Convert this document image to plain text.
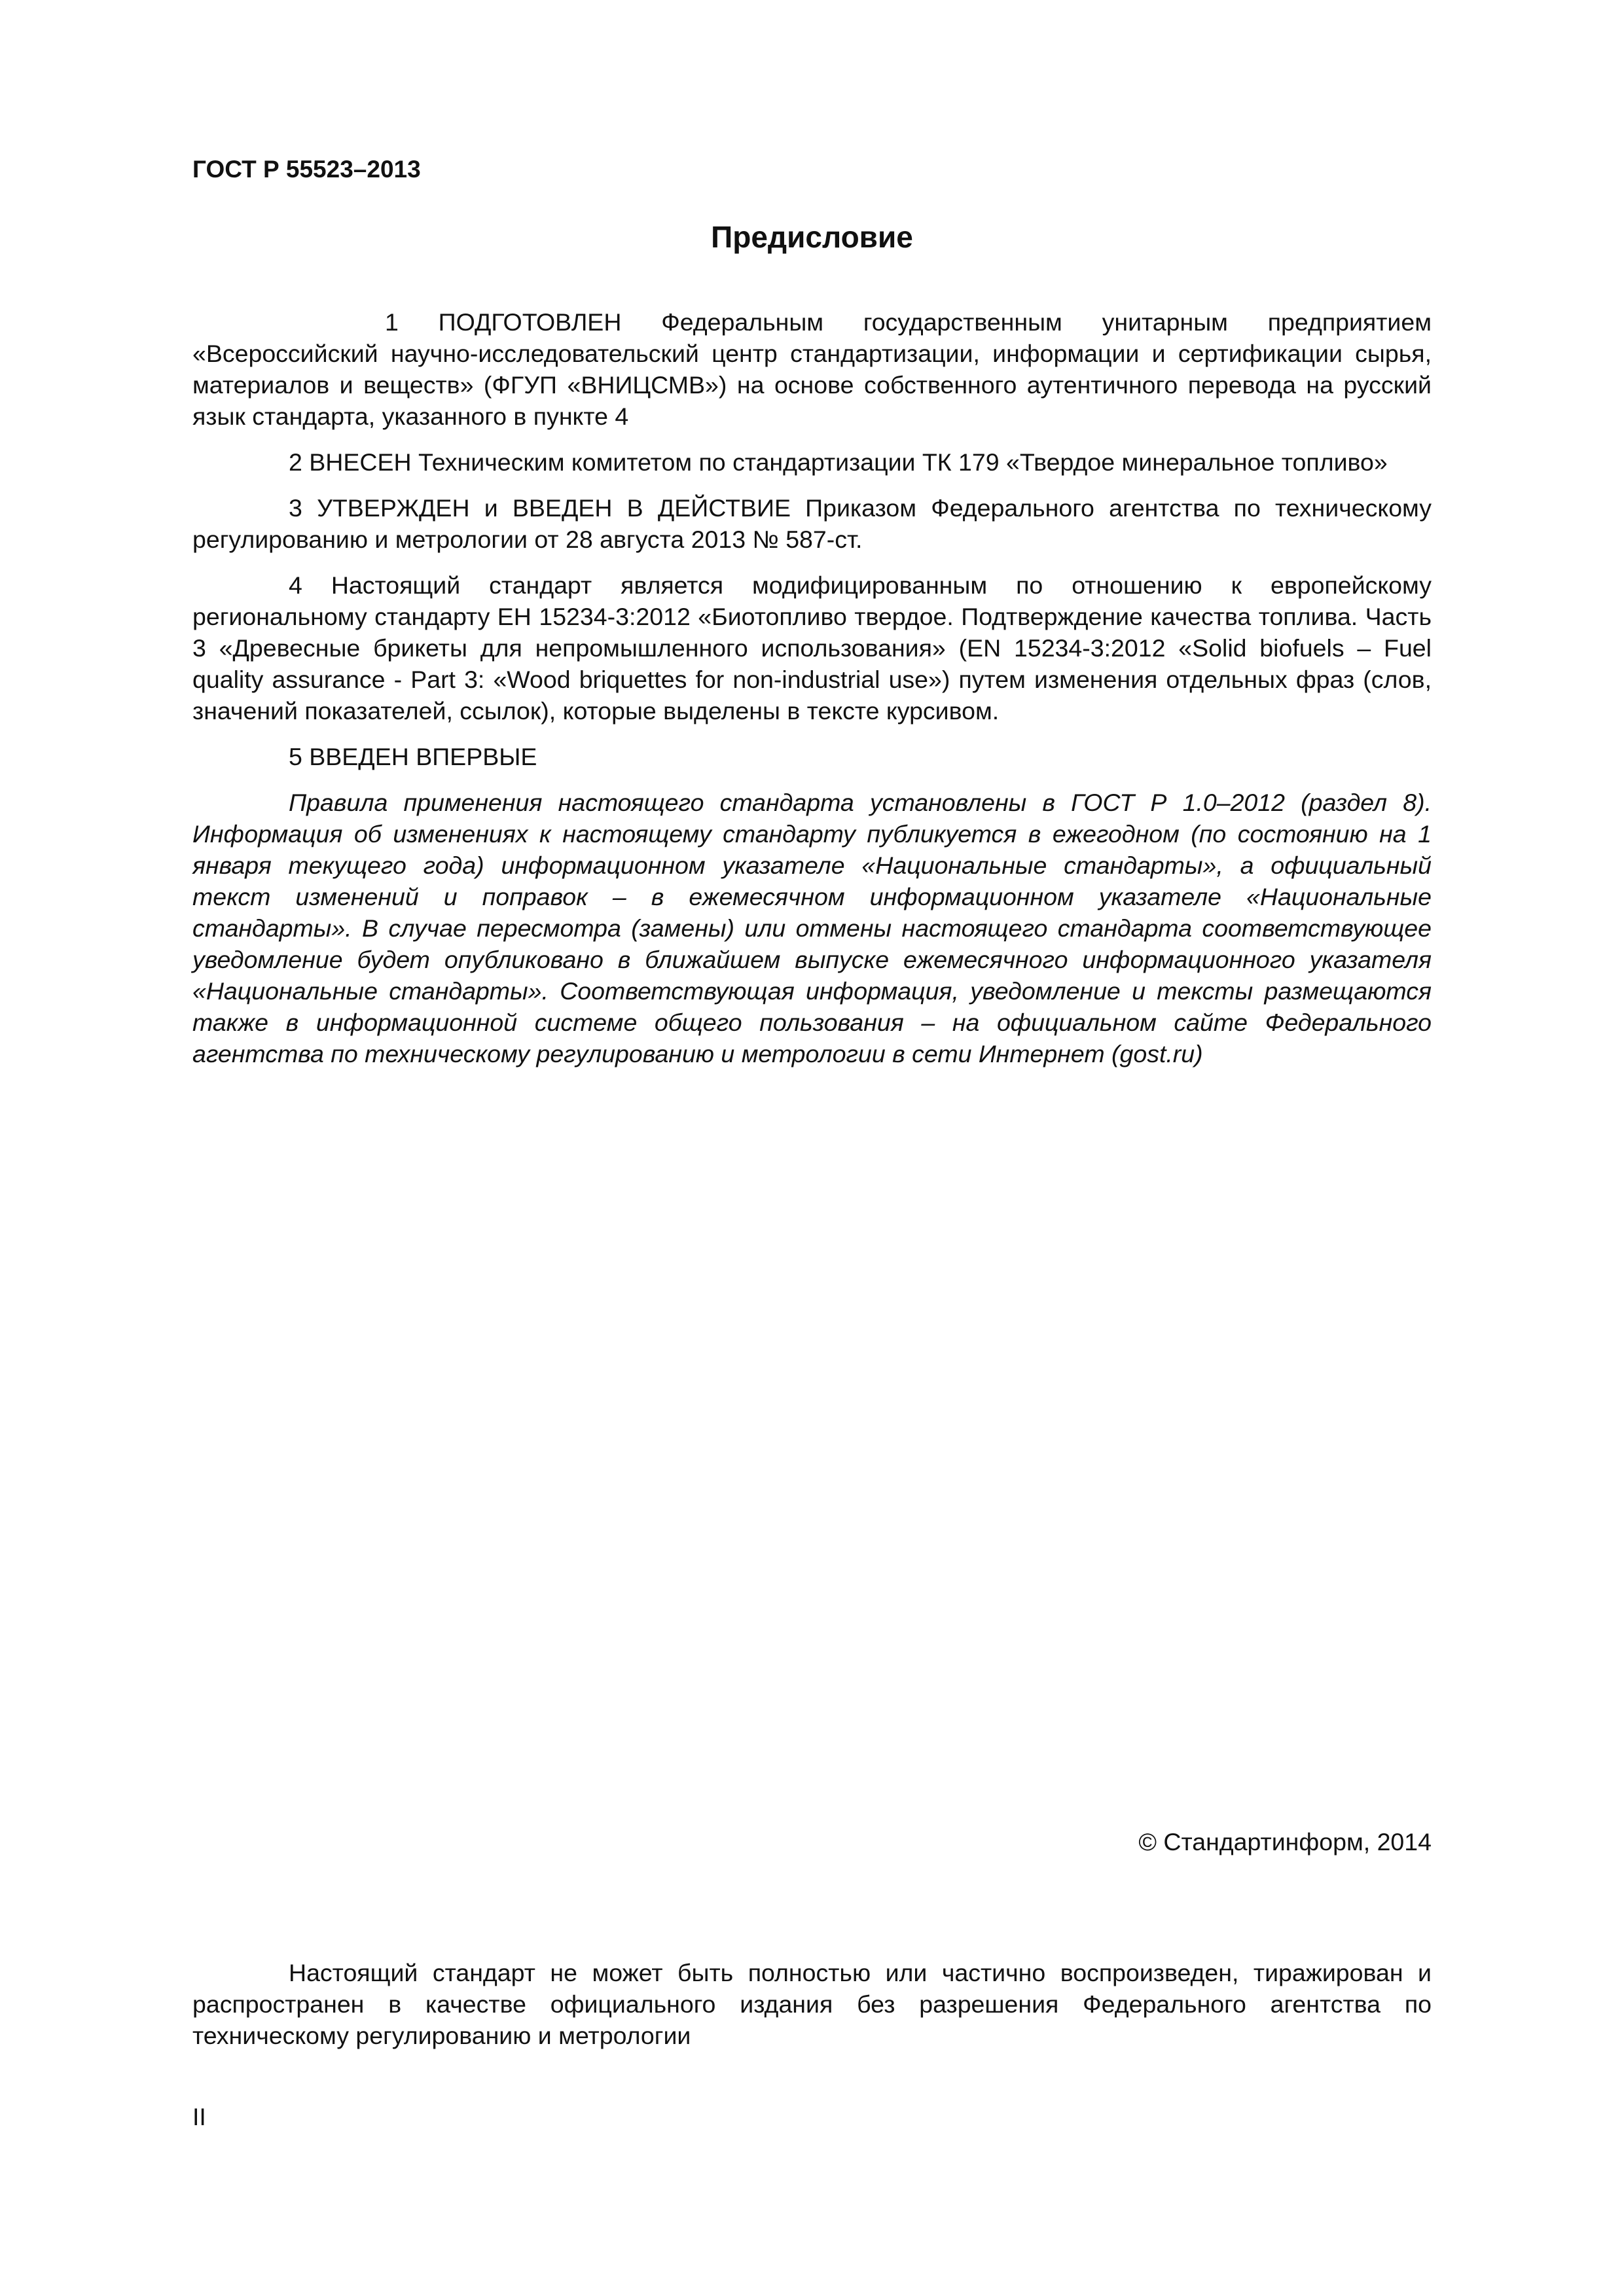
ГОСТ Р 55523–2013
Предисловие

1 ПОДГОТОВЛЕН Федеральным государственным унитарным предприятием «Всероссийский научно-исследовательский центр стандартизации, информации и сертификации сырья, материалов и веществ» (ФГУП «ВНИЦСМВ») на основе собственного аутентичного перевода на русский язык стандарта, указанного в пункте 4

2 ВНЕСЕН Техническим комитетом по стандартизации ТК 179 «Твердое минеральное топливо»

3 УТВЕРЖДЕН и ВВЕДЕН В ДЕЙСТВИЕ Приказом Федерального агентства по техническому регулированию и метрологии от 28 августа 2013 № 587-ст.

4 Настоящий стандарт является модифицированным по отношению к европейскому региональному стандарту ЕН 15234-3:2012 «Биотопливо твердое. Подтверждение качества топлива. Часть 3 «Древесные брикеты для непромышленного использования» (EN 15234-3:2012 «Solid biofuels – Fuel quality assurance - Part 3: «Wood briquettes for non-industrial use») путем изменения отдельных фраз (слов, значений показателей, ссылок), которые выделены в тексте курсивом.

5 ВВЕДЕН ВПЕРВЫЕ

Правила применения настоящего стандарта установлены в ГОСТ Р 1.0–2012 (раздел 8). Информация об изменениях к настоящему стандарту публикуется в ежегодном (по состоянию на 1 января текущего года) информационном указателе «Национальные стандарты», а официальный текст изменений и поправок – в ежемесячном информационном указателе «Национальные стандарты». В случае пересмотра (замены) или отмены настоящего стандарта соответствующее уведомление будет опубликовано в ближайшем выпуске ежемесячного информационного указателя «Национальные стандарты». Соответствующая информация, уведомление и тексты размещаются также в информационной системе общего пользования – на официальном сайте Федерального агентства по техническому регулированию и метрологии в сети Интернет (gost.ru)

© Стандартинформ, 2014

Настоящий стандарт не может быть полностью или частично воспроизведен, тиражирован и распространен в качестве официального издания без разрешения Федерального агентства по техническому регулированию и метрологии

II
